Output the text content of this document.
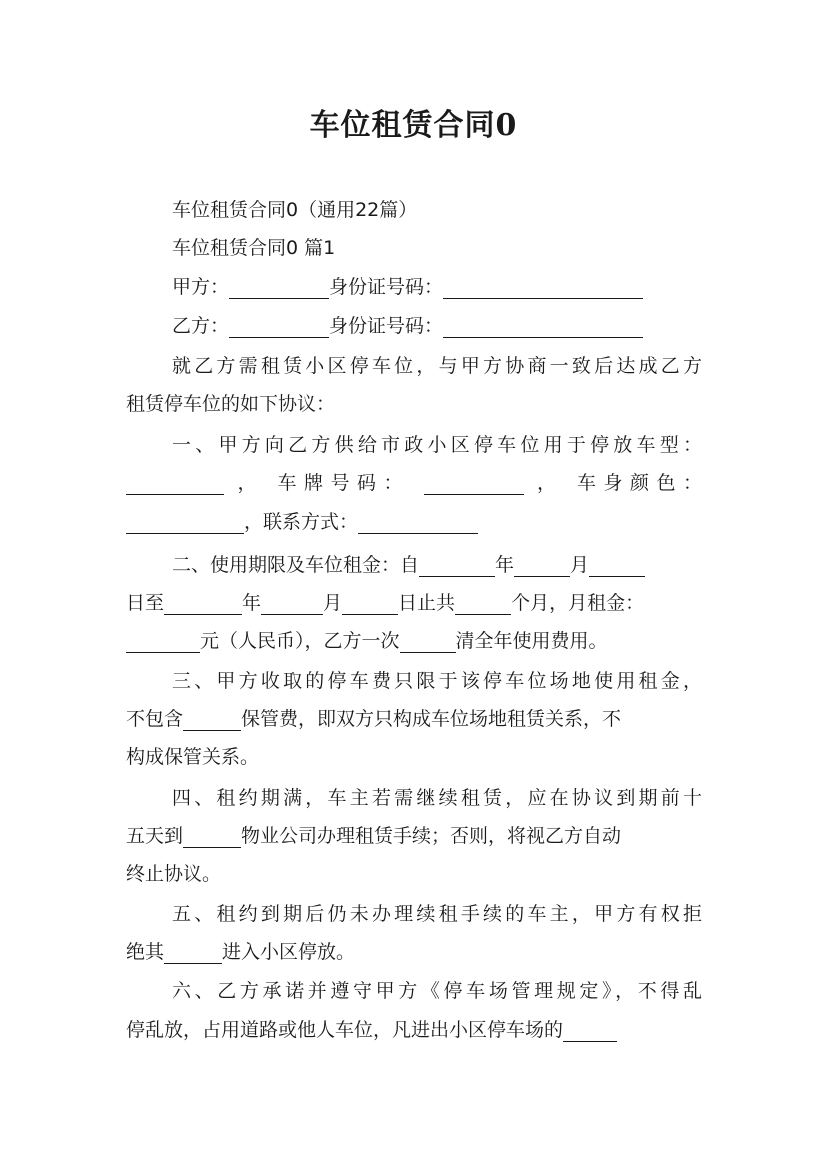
车位租赁合同0
车位租赁合同0（通用22篇）
车位租赁合同0 篇1
甲方：	身份证号码：
乙方：	身份证号码：
就乙方需租赁小区停车位，与甲方协商一致后达成乙方
租赁停车位的如下协议：
一、甲方向乙方供给市政小区停车位用于停放车型：
， 车牌号码：	， 车身颜色：
，联系方式：
二、使用期限及车位租金：自	年	月
日至	年	月	日止共	个月，月租金：
元（人民币），乙方一次	清全年使用费用。
三、甲方收取的停车费只限于该停车位场地使用租金，
不包含	保管费，即双方只构成车位场地租赁关系，不
构成保管关系。
四、租约期满，车主若需继续租赁，应在协议到期前十
五天到	物业公司办理租赁手续；否则，将视乙方自动
终止协议。
五、租约到期后仍未办理续租手续的车主，甲方有权拒
绝其	进入小区停放。
六、乙方承诺并遵守甲方《停车场管理规定》，不得乱
停乱放，占用道路或他人车位，凡进出小区停车场的
